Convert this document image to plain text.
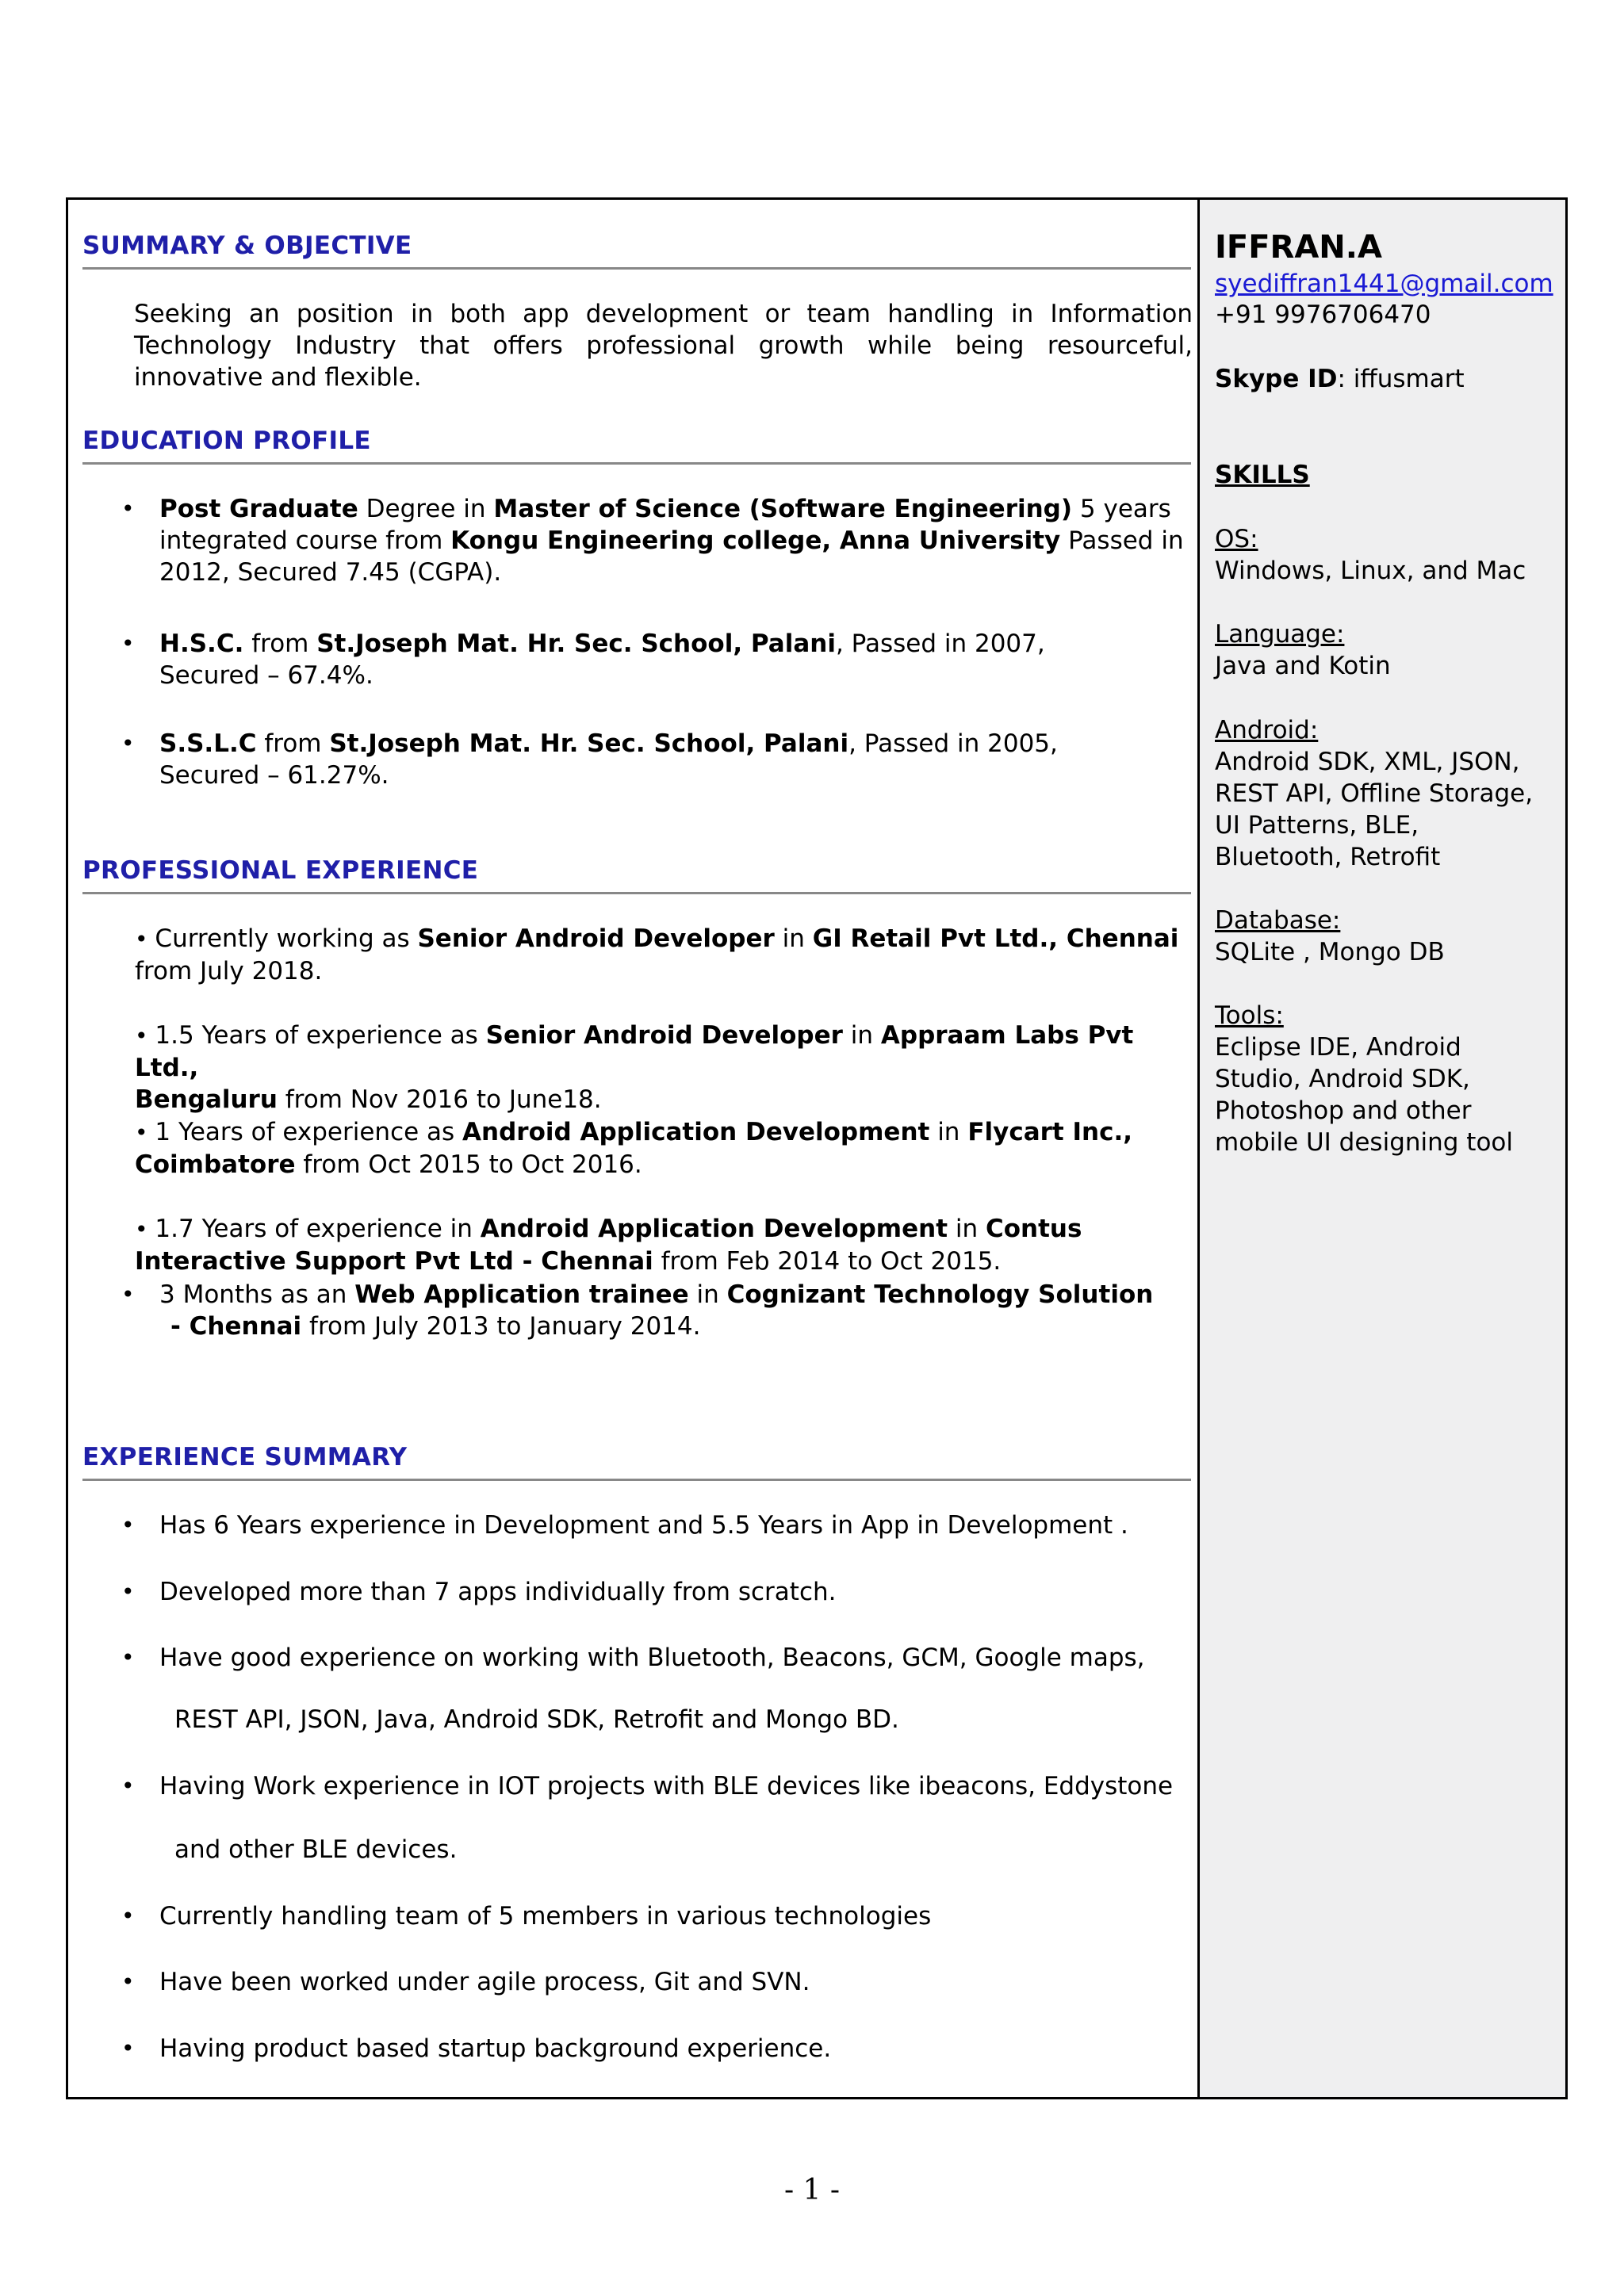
SUMMARY & OBJECTIVE
Seeking an position in both app development or team handling in Information Technology Industry that offers professional growth while being resourceful, innovative and flexible.
EDUCATION PROFILE
• Post Graduate Degree in Master of Science (Software Engineering) 5 years integrated course from Kongu Engineering college, Anna University Passed in 2012, Secured 7.45 (CGPA).
• H.S.C. from St.Joseph Mat. Hr. Sec. School, Palani, Passed in 2007,
Secured – 67.4%.
• S.S.L.C from St.Joseph Mat. Hr. Sec. School, Palani, Passed in 2005,
Secured – 61.27%.
PROFESSIONAL EXPERIENCE
• Currently working as Senior Android Developer in GI Retail Pvt Ltd., Chennai
from July 2018.
• 1.5 Years of experience as Senior Android Developer in Appraam Labs Pvt Ltd.,
Bengaluru from Nov 2016 to June18.
• 1 Years of experience as Android Application Development in Flycart Inc.,
Coimbatore from Oct 2015 to Oct 2016.
• 1.7 Years of experience in Android Application Development in Contus
Interactive Support Pvt Ltd - Chennai from Feb 2014 to Oct 2015.
• 3 Months as an Web Application trainee in Cognizant Technology Solution
- Chennai from July 2013 to January 2014.
EXPERIENCE SUMMARY
• Has 6 Years experience in Development and 5.5 Years in App in Development .
• Developed more than 7 apps individually from scratch.
• Have good experience on working with Bluetooth, Beacons, GCM, Google maps,
REST API, JSON, Java, Android SDK, Retrofit and Mongo BD.
• Having Work experience in IOT projects with BLE devices like ibeacons, Eddystone
and other BLE devices.
• Currently handling team of 5 members in various technologies
• Have been worked under agile process, Git and SVN.
• Having product based startup background experience.
IFFRAN.A
syediffran1441@gmail.com
+91 9976706470
Skype ID: iffusmart
SKILLS
OS:
Windows, Linux, and Mac
Language:
Java and Kotin
Android:
Android SDK, XML, JSON,
REST API, Offline Storage,
UI Patterns, BLE,
Bluetooth, Retrofit
Database:
SQLite , Mongo DB
Tools:
Eclipse IDE, Android
Studio, Android SDK,
Photoshop and other
mobile UI designing tool
- 1 -
